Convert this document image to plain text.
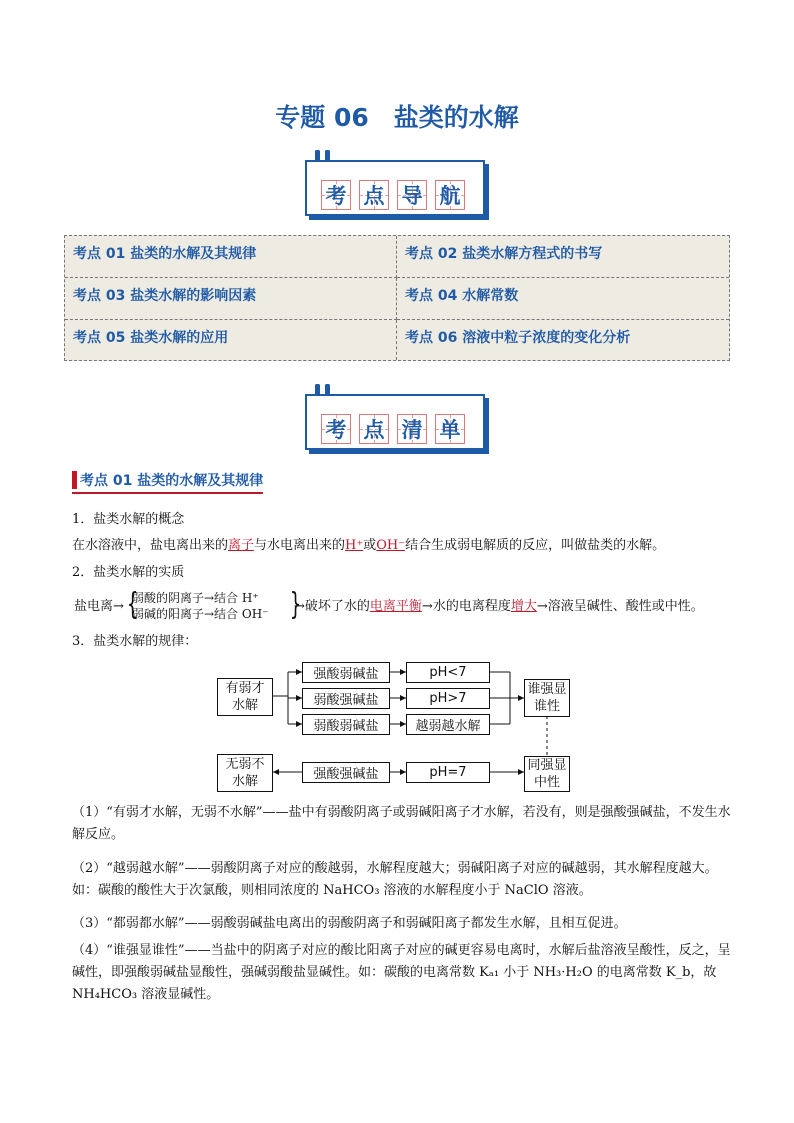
专题 06　盐类的水解
考 点 导 航
考点 01 盐类的水解及其规律	考点 02 盐类水解方程式的书写
考点 03 盐类水解的影响因素	考点 04 水解常数
考点 05 盐类水解的应用	考点 06 溶液中粒子浓度的变化分析
考 点 清 单
考点 01 盐类的水解及其规律
1．盐类水解的概念
在水溶液中，盐电离出来的离子与水电离出来的H⁺或OH⁻结合生成弱电解质的反应，叫做盐类的水解。
2．盐类水解的实质
盐电离→ {
弱酸的阴离子→结合 H⁺
弱碱的阳离子→结合 OH⁻ }
→破坏了水的电离平衡→水的电离程度增大→溶液呈碱性、酸性或中性。
3．盐类水解的规律：
有弱才水解
无弱不水解
强酸弱碱盐
弱酸强碱盐
弱酸弱碱盐
强酸强碱盐
pH<7
pH>7
越弱越水解
pH=7
谁强显谁性
同强显中性
（1）“有弱才水解，无弱不水解”——盐中有弱酸阴离子或弱碱阳离子才水解，若没有，则是强酸强碱盐，不发生水解反应。
（2）“越弱越水解”——弱酸阴离子对应的酸越弱，水解程度越大；弱碱阳离子对应的碱越弱，其水解程度越大。如：碳酸的酸性大于次氯酸，则相同浓度的 NaHCO₃ 溶液的水解程度小于 NaClO 溶液。
（3）“都弱都水解”——弱酸弱碱盐电离出的弱酸阴离子和弱碱阳离子都发生水解，且相互促进。
（4）“谁强显谁性”——当盐中的阴离子对应的酸比阳离子对应的碱更容易电离时，水解后盐溶液呈酸性，反之，呈碱性，即强酸弱碱盐显酸性，强碱弱酸盐显碱性。如：碳酸的电离常数 Kₐ₁ 小于 NH₃·H₂O 的电离常数 K_b，故 NH₄HCO₃ 溶液显碱性。
